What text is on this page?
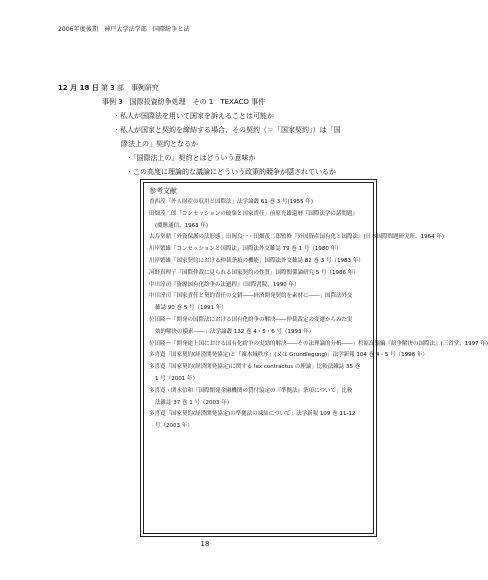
2006年度後期　神戸大学法学部　国際紛争と法
12 月 18 日 第 3 部　事例研究
事例 3　国際投資紛争処理　その 1　TEXACO 事件
・私人が国際法を用いて国家を訴えることは可能か
・私人が国家と契約を締結する場合、その契約（＝「国家契約」）は「国
際法上の」契約となるか
・「国際法上の」契約とはどういう意味か
・この高度に理論的な議論にどういう政策的競争が隠されているか
参考文献
香西茂「外人財産の収用と国際法」法学論叢 61 巻 3 号(1955 年)
田畑茂二郎「コンセッションの破棄と国家責任」前原光雄還暦『国際法学の諸問題』
(慶應通信、1963 年)
太寿堂鼎「外資保護の法形態」田岡良一・田畑茂二郎監修『外国資産国有化と国際法』(日本国際問題研究所、1964 年)
川岸繁雄「コンセッションと国際法」国際法外交雑誌 79 巻 1 号（1980 年）
川岸繁雄「国家契約における仲裁条項の機能」国際法外交雑誌 82 巻 3 号（1983 年）
河野真理子「国際仲裁に見られる国家契約の性質」国際関係論研究 5 号（1986 年）
中川淳司『資源国有化紛争の法過程』（国際書院、1990 年）
中川淳司「国家責任と契約責任の交錯――経済開発契約を素材に――」国際法外交
雑誌 90 巻 5 号（1991 年）
位田隆一「開発の国際法における国有化紛争の解決――仲裁裁定の変遷からみた実
効的解決の模索――」法学論叢 132 巻 4・5・6 号（1993 年）
位田隆一「開発途上国における国有化紛争の実効的解決――その法理論的分析――」杉原高嶺編『紛争解決の国際法』(三省堂、1997 年)
多喜寛「国家契約(経済開発協定)と『複本域秩序』(又は Grundlegung)」法学新報 104 巻 4・5 号（1998 年）
多喜寛「国家契約(経済開発協定)に関する lex contractus の理論」比較法雑誌 35 巻
1 号（2001 年）
多喜寛・関水信和「国際開発金融機関の貸付協定の『準拠法』条項について」比較
法雑誌 37 巻 1 号（2003 年）
多喜寛「国家契約(経済開発協定)の準拠法の凍結について」法学新報 109 巻 11-12
号（2003 年）
18
